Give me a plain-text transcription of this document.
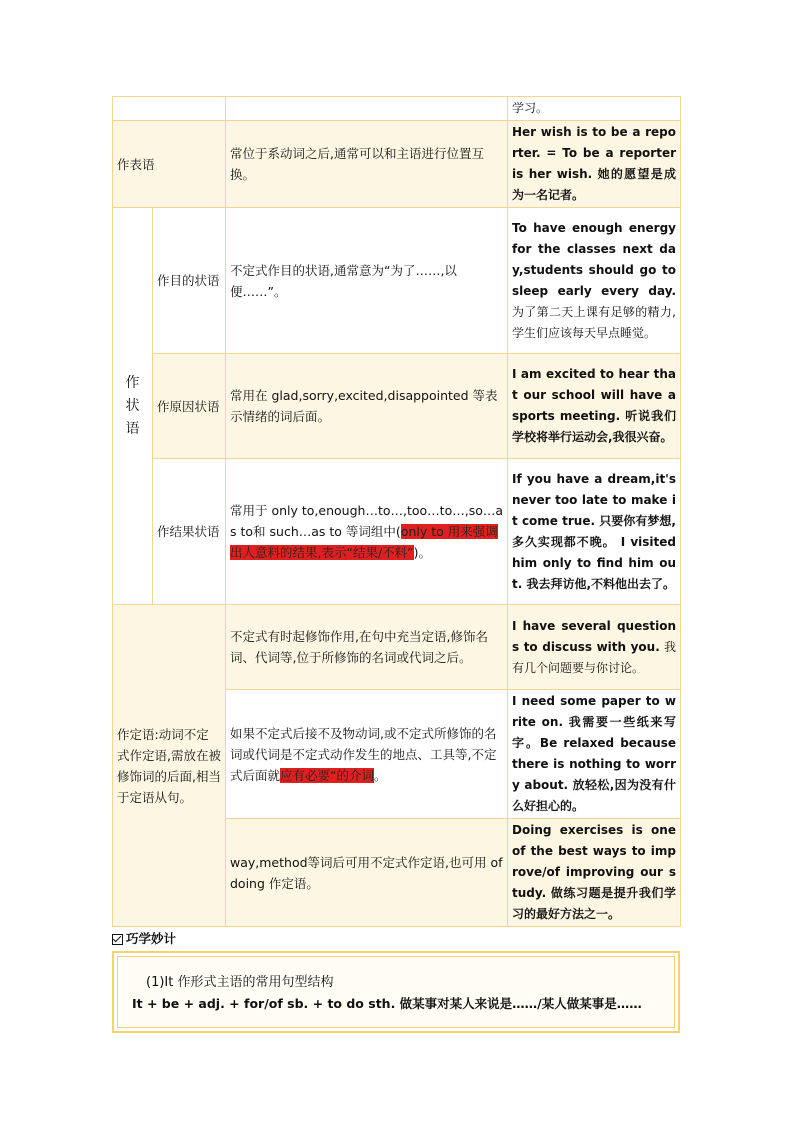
			学习。
作表语		常位于系动词之后,通常可以和主语进行位置互换。	Her wish is to be a reporter. = To be a reporter is her wish. 她的愿望是成为一名记者。

作
状
语	作目的状语	不定式作目的状语,通常意为“为了……,以便……”。	To have enough energy for the classes next day,students should go to sleep early every day. 为了第二天上课有足够的精力,学生们应该每天早点睡觉。
	作原因状语	常用在 glad,sorry,excited,disappointed 等表示情绪的词后面。	I am excited to hear that our school will have a sports meeting. 听说我们学校将举行运动会,我很兴奋。
	作结果状语	常用于 only to,enough…to…,too…to…,so…as to和 such…as to 等词组中(only to 用来强调出人意料的结果,表示“结果/不料”)。	If you have a dream,it's never too late to make it come true. 只要你有梦想,多久实现都不晚。 I visited him only to find him out. 我去拜访他,不料他出去了。
作定语:动词不定式作定语,需放在被修饰词的后面,相当于定语从句。		不定式有时起修饰作用,在句中充当定语,修饰名词、代词等,位于所修饰的名词或代词之后。	I have several questions to discuss with you. 我有几个问题要与你讨论。
		如果不定式后接不及物动词,或不定式所修饰的名词或代词是不定式动作发生的地点、工具等,不定式后面就应有必要“的介词。	I need some paper to write on. 我需要一些纸来写字。Be relaxed because there is nothing to worry about. 放轻松,因为没有什么好担心的。
		way,method等词后可用不定式作定语,也可用 of doing 作定语。	Doing exercises is one of the best ways to improve/of improving our study. 做练习题是提升我们学习的最好方法之一。
巧学妙计
(1)It 作形式主语的常用句型结构
It + be + adj. + for/of sb. + to do sth. 做某事对某人来说是……/某人做某事是……
